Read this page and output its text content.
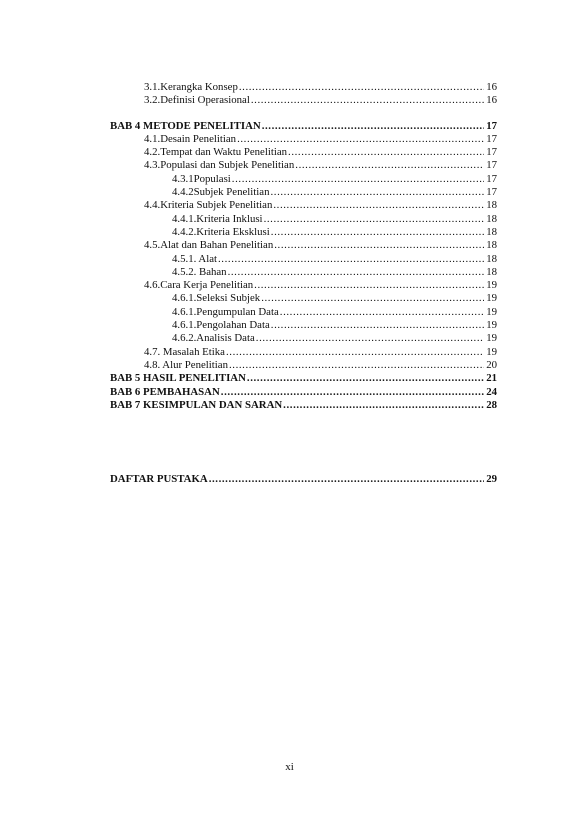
3.1. Kerangka Konsep .....	16
3.2. Definisi Operasional .....	16
BAB 4 METODE PENELITIAN .....	17
4.1. Desain Penelitian .....	17
4.2. Tempat dan Waktu Penelitian .....	17
4.3. Populasi dan Subjek Penelitian .....	17
4.3.1 Populasi .....	17
4.4.2 Subjek Penelitian .....	17
4.4. Kriteria Subjek Penelitian .....	18
4.4.1. Kriteria Inklusi .....	18
4.4.2.Kriteria Eksklusi .....	18
4.5. Alat dan Bahan Penelitian .....	18
4.5.1. Alat .....	18
4.5.2. Bahan .....	18
4.6. Cara Kerja Penelitian .....	19
4.6.1. Seleksi Subjek .....	19
4.6.1. Pengumpulan Data .....	19
4.6.1. Pengolahan Data .....	19
4.6.2. Analisis Data .....	19
4.7. Masalah Etika .....	19
4.8. Alur Penelitian .....	20
BAB 5 HASIL PENELITIAN .....	21
BAB 6 PEMBAHASAN .....	24
BAB 7 KESIMPULAN DAN SARAN .....	28
DAFTAR PUSTAKA .....	29
xi
